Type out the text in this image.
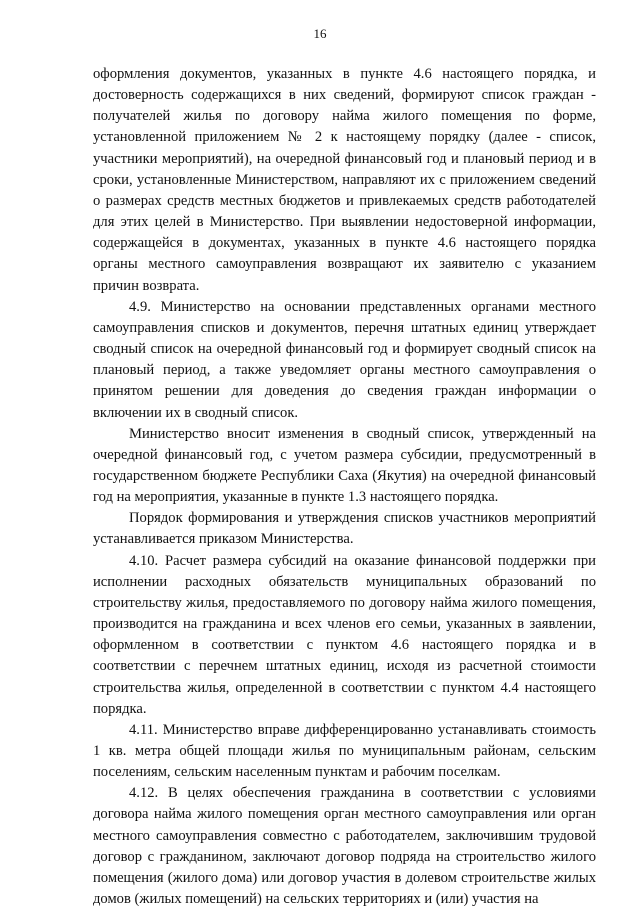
16

оформления документов, указанных в пункте 4.6 настоящего порядка, и достоверность содержащихся в них сведений, формируют список граждан - получателей жилья по договору найма жилого помещения по форме, установленной приложением № 2 к настоящему порядку (далее - список, участники мероприятий), на очередной финансовый год и плановый период и в сроки, установленные Министерством, направляют их с приложением сведений о размерах средств местных бюджетов и привлекаемых средств работодателей для этих целей в Министерство. При выявлении недостоверной информации, содержащейся в документах, указанных в пункте 4.6 настоящего порядка органы местного самоуправления возвращают их заявителю с указанием причин возврата.

4.9. Министерство на основании представленных органами местного самоуправления списков и документов, перечня штатных единиц утверждает сводный список на очередной финансовый год и формирует сводный список на плановый период, а также уведомляет органы местного самоуправления о принятом решении для доведения до сведения граждан информации о включении их в сводный список.

Министерство вносит изменения в сводный список, утвержденный на очередной финансовый год, с учетом размера субсидии, предусмотренный в государственном бюджете Республики Саха (Якутия) на очередной финансовый год на мероприятия, указанные в пункте 1.3 настоящего порядка.

Порядок формирования и утверждения списков участников мероприятий устанавливается приказом Министерства.

4.10. Расчет размера субсидий на оказание финансовой поддержки при исполнении расходных обязательств муниципальных образований по строительству жилья, предоставляемого по договору найма жилого помещения, производится на гражданина и всех членов его семьи, указанных в заявлении, оформленном в соответствии с пунктом 4.6 настоящего порядка и в соответствии с перечнем штатных единиц, исходя из расчетной стоимости строительства жилья, определенной в соответствии с пунктом 4.4 настоящего порядка.

4.11. Министерство вправе дифференцированно устанавливать стоимость 1 кв. метра общей площади жилья по муниципальным районам, сельским поселениям, сельским населенным пунктам и рабочим поселкам.

4.12. В целях обеспечения гражданина в соответствии с условиями договора найма жилого помещения орган местного самоуправления или орган местного самоуправления совместно с работодателем, заключившим трудовой договор с гражданином, заключают договор подряда на строительство жилого помещения (жилого дома) или договор участия в долевом строительстве жилых домов (жилых помещений) на сельских территориях и (или) участия на
